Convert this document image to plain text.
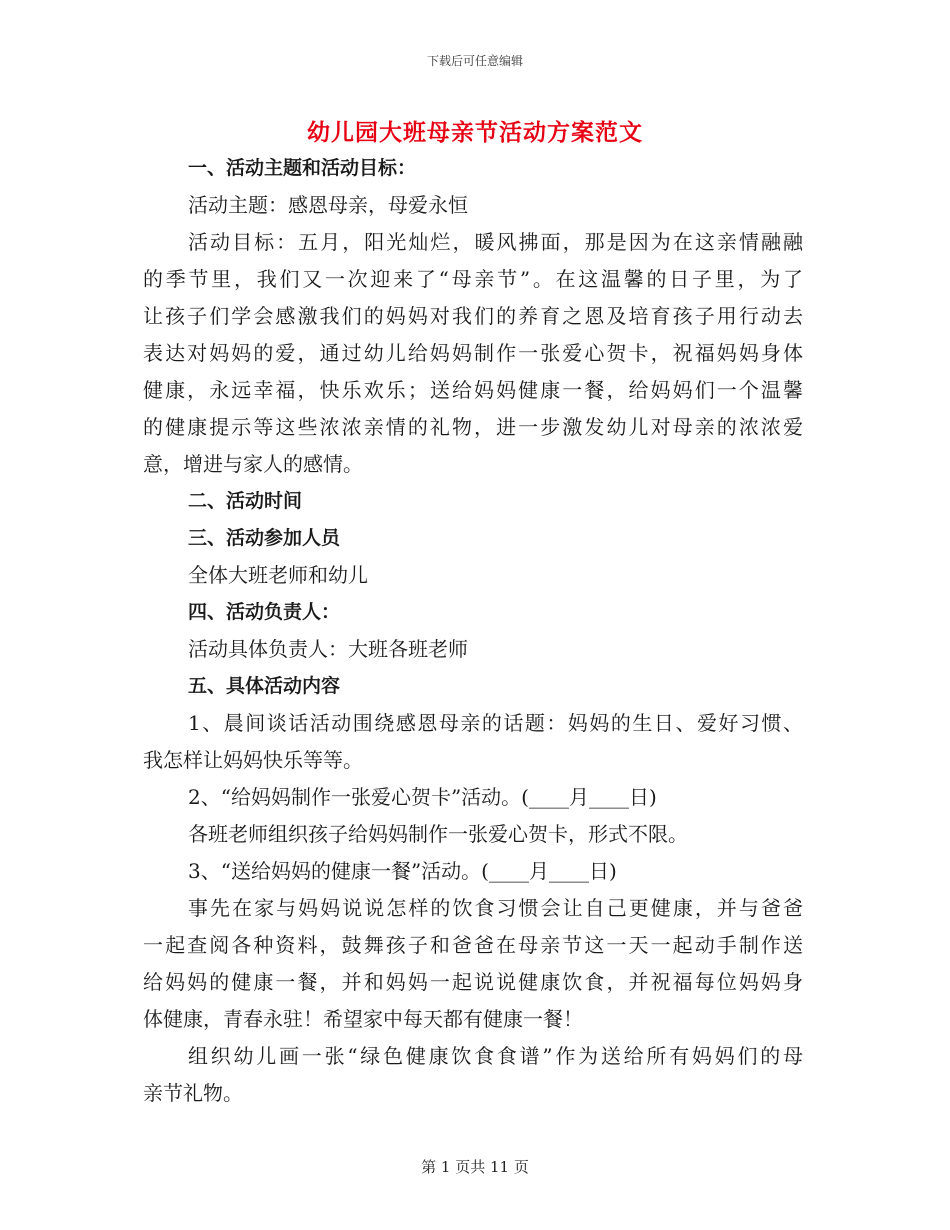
下载后可任意编辑
幼儿园大班母亲节活动方案范文

一、活动主题和活动目标：

活动主题：感恩母亲，母爱永恒

活动目标：五月，阳光灿烂，暖风拂面，那是因为在这亲情融融

的季节里，我们又一次迎来了“母亲节”。在这温馨的日子里，为了

让孩子们学会感激我们的妈妈对我们的养育之恩及培育孩子用行动去

表达对妈妈的爱，通过幼儿给妈妈制作一张爱心贺卡，祝福妈妈身体

健康，永远幸福，快乐欢乐；送给妈妈健康一餐，给妈妈们一个温馨

的健康提示等这些浓浓亲情的礼物，进一步激发幼儿对母亲的浓浓爱

意，增进与家人的感情。

二、活动时间

三、活动参加人员

全体大班老师和幼儿

四、活动负责人：

活动具体负责人：大班各班老师

五、具体活动内容

1、晨间谈话活动围绕感恩母亲的话题：妈妈的生日、爱好习惯、

我怎样让妈妈快乐等等。

2、“给妈妈制作一张爱心贺卡”活动。(____月____日)

各班老师组织孩子给妈妈制作一张爱心贺卡，形式不限。

3、“送给妈妈的健康一餐”活动。(____月____日)

事先在家与妈妈说说怎样的饮食习惯会让自己更健康，并与爸爸

一起查阅各种资料，鼓舞孩子和爸爸在母亲节这一天一起动手制作送

给妈妈的健康一餐，并和妈妈一起说说健康饮食，并祝福每位妈妈身

体健康，青春永驻！希望家中每天都有健康一餐！

组织幼儿画一张“绿色健康饮食食谱”作为送给所有妈妈们的母

亲节礼物。

第 1 页共 11 页
